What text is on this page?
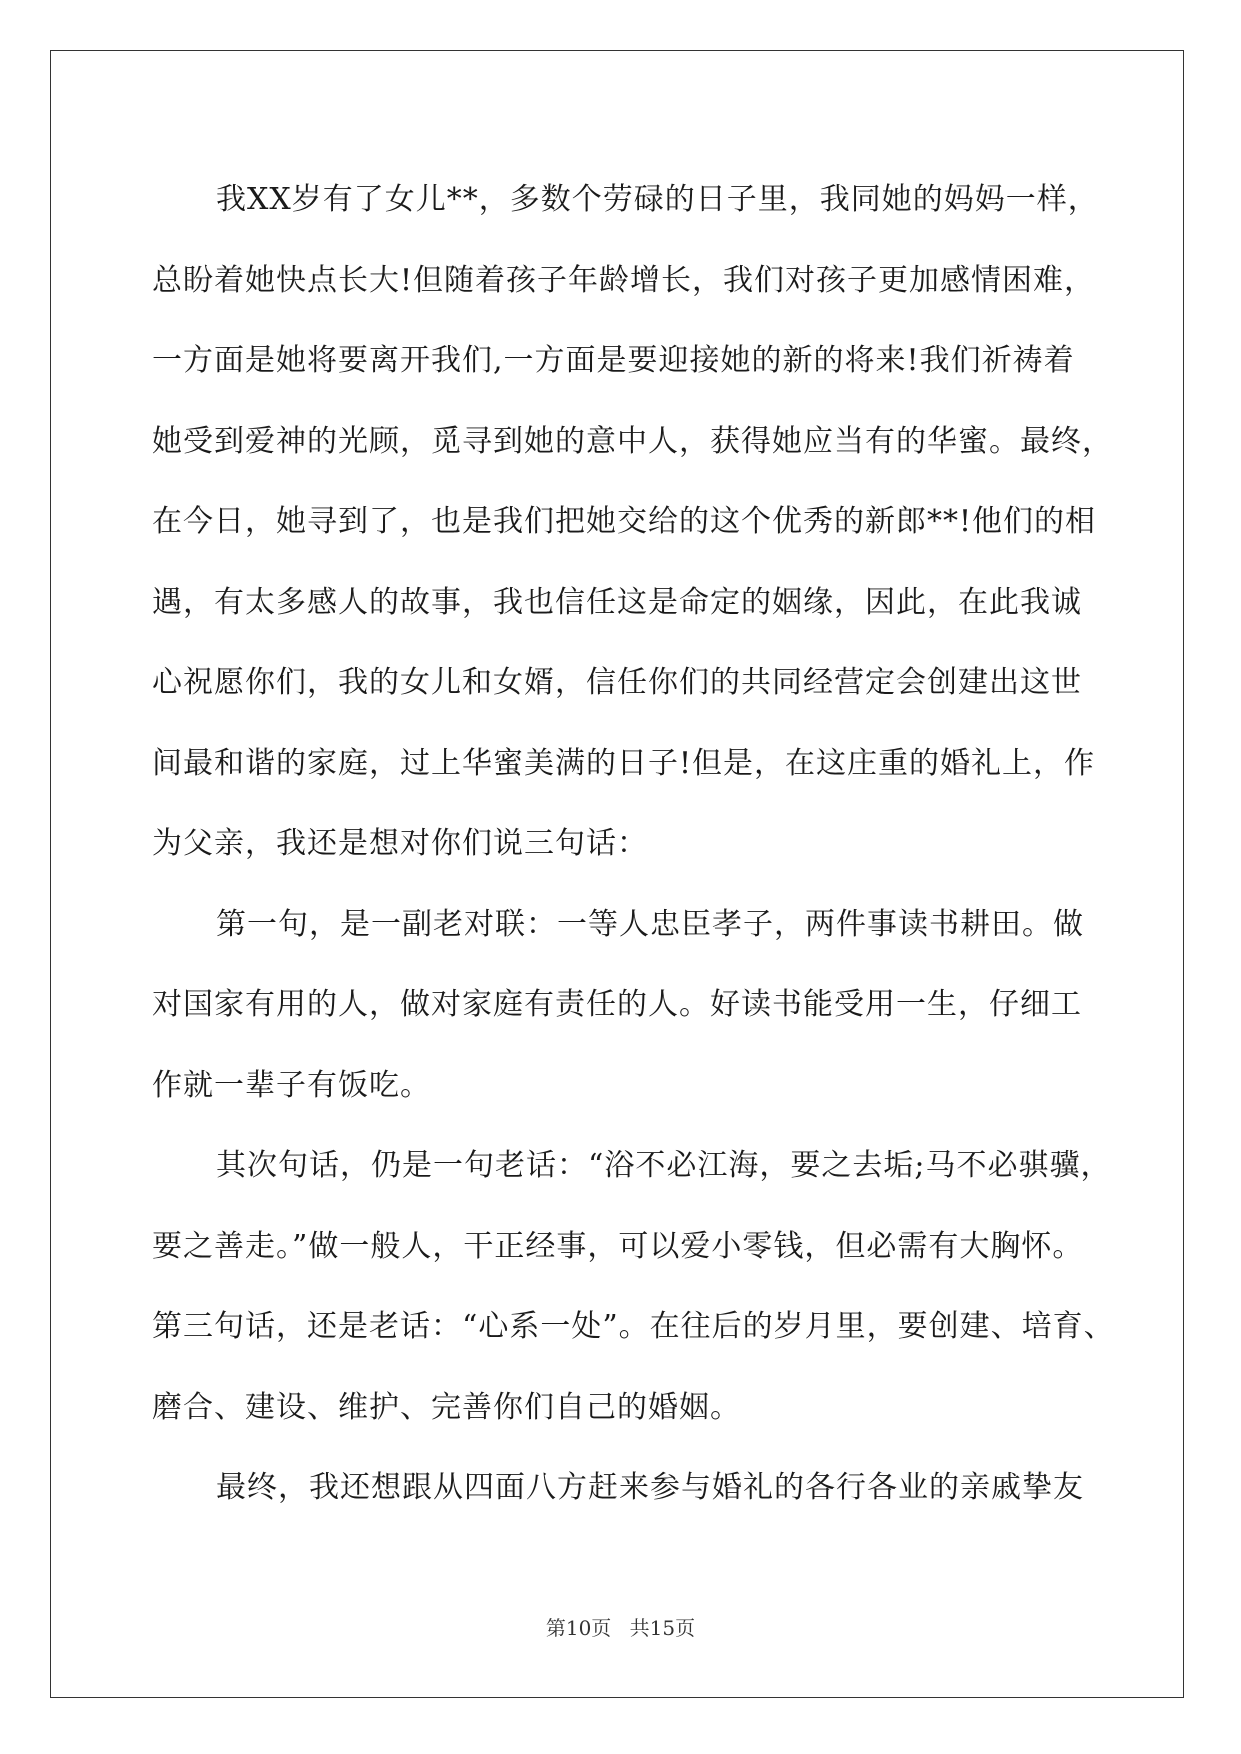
我XX岁有了女儿**，多数个劳碌的日子里，我同她的妈妈一样，
总盼着她快点长大!但随着孩子年龄增长，我们对孩子更加感情困难，
一方面是她将要离开我们,一方面是要迎接她的新的将来!我们祈祷着
她受到爱神的光顾，觅寻到她的意中人，获得她应当有的华蜜。最终，
在今日，她寻到了，也是我们把她交给的这个优秀的新郎**!他们的相
遇，有太多感人的故事，我也信任这是命定的姻缘，因此，在此我诚
心祝愿你们，我的女儿和女婿，信任你们的共同经营定会创建出这世
间最和谐的家庭，过上华蜜美满的日子!但是，在这庄重的婚礼上，作
为父亲，我还是想对你们说三句话：
第一句，是一副老对联：一等人忠臣孝子，两件事读书耕田。做
对国家有用的人，做对家庭有责任的人。好读书能受用一生，仔细工
作就一辈子有饭吃。
其次句话，仍是一句老话：“浴不必江海，要之去垢;马不必骐骥，
要之善走。”做一般人，干正经事，可以爱小零钱，但必需有大胸怀。
第三句话，还是老话：“心系一处”。在往后的岁月里，要创建、培育、
磨合、建设、维护、完善你们自己的婚姻。
最终，我还想跟从四面八方赶来参与婚礼的各行各业的亲戚挚友
第10页 共15页
